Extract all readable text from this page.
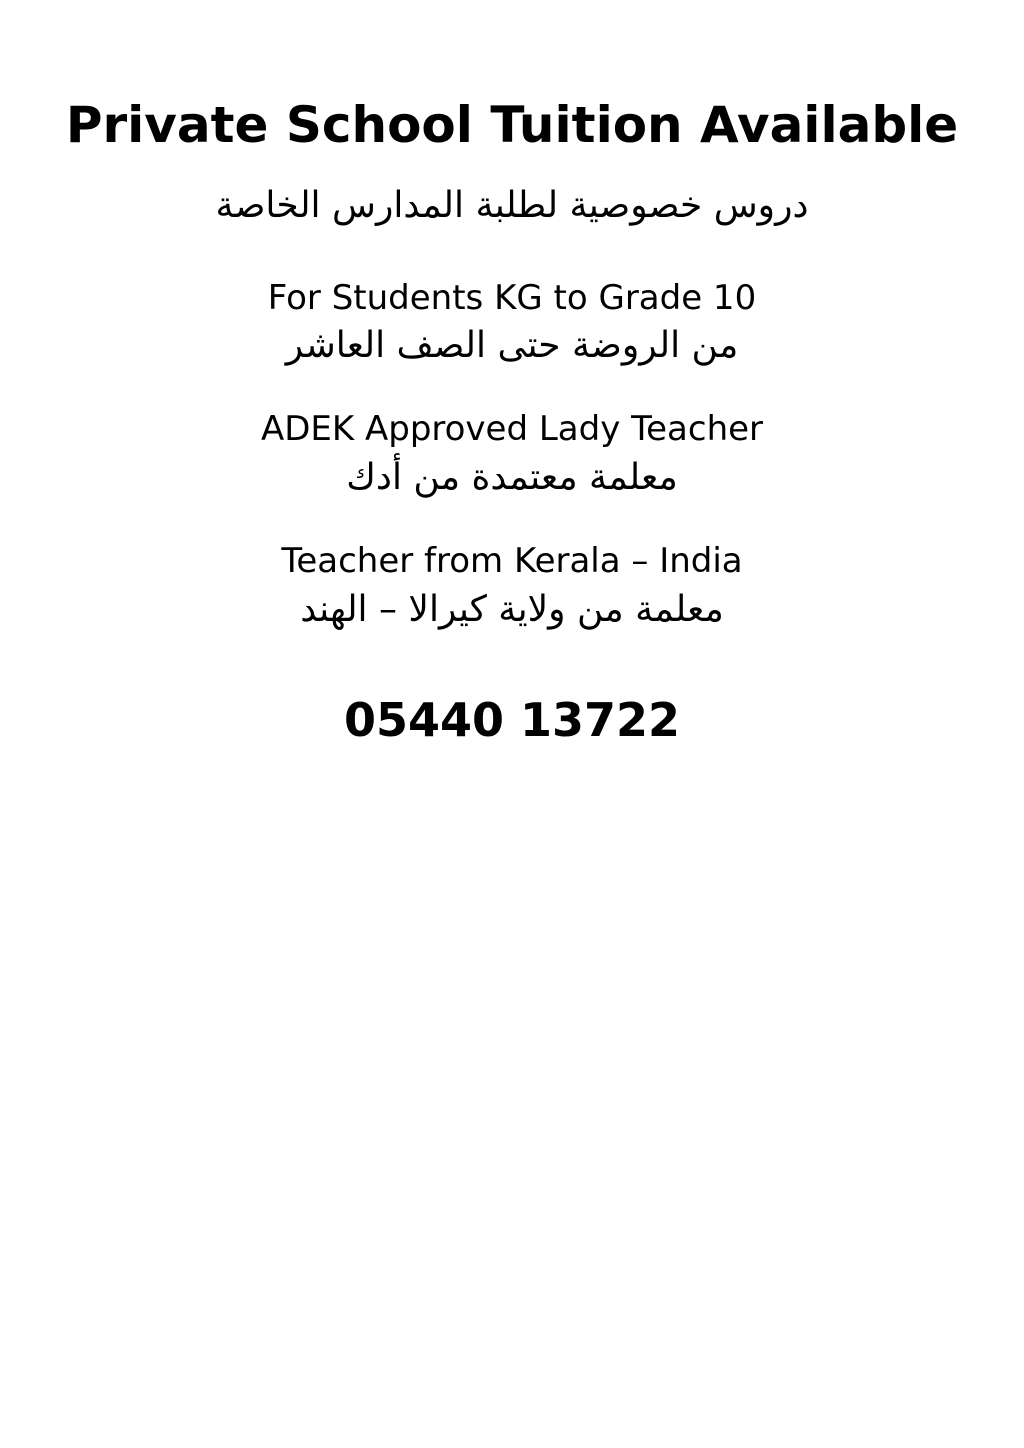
Private School Tuition Available
دروس خصوصية لطلبة المدارس الخاصة
For Students KG to Grade 10
من الروضة حتى الصف العاشر
ADEK Approved Lady Teacher
معلمة معتمدة من أدك
Teacher from Kerala – India
معلمة من ولاية كيرالا – الهند
05440 13722
